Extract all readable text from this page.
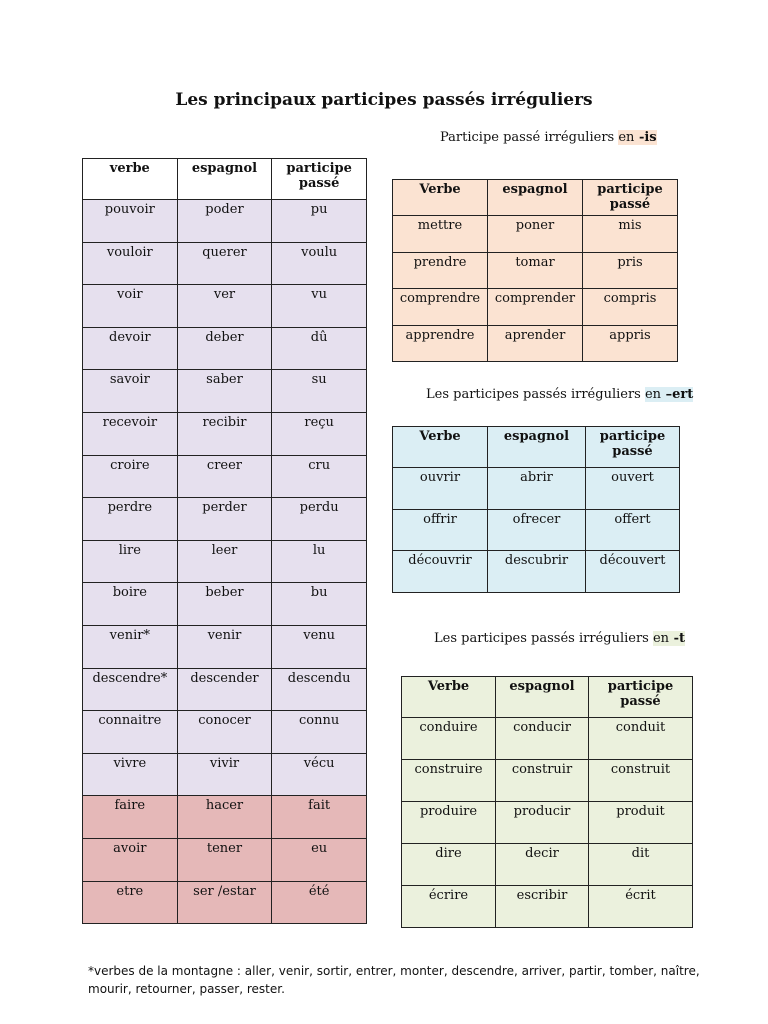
Les principaux participes passés irréguliers
verbe	espagnol	participe passé
pouvoir	poder	pu
vouloir	querer	voulu
voir	ver	vu
devoir	deber	dû
savoir	saber	su
recevoir	recibir	reçu
croire	creer	cru
perdre	perder	perdu
lire	leer	lu
boire	beber	bu
venir*	venir	venu
descendre*	descender	descendu
connaitre	conocer	connu
vivre	vivir	vécu
faire	hacer	fait
avoir	tener	eu
etre	ser /estar	été
Participe passé irréguliers en -is
Verbe	espagnol	participe passé
mettre	poner	mis
prendre	tomar	pris
comprendre	comprender	compris
apprendre	aprender	appris
Les participes passés irréguliers en –ert
Verbe	espagnol	participe passé
ouvrir	abrir	ouvert
offrir	ofrecer	offert
découvrir	descubrir	découvert
Les participes passés irréguliers en -t
Verbe	espagnol	participe passé
conduire	conducir	conduit
construire	construir	construit
produire	producir	produit
dire	decir	dit
écrire	escribir	écrit
*verbes de la montagne : aller, venir, sortir, entrer, monter, descendre, arriver, partir, tomber, naître, mourir, retourner, passer, rester.
